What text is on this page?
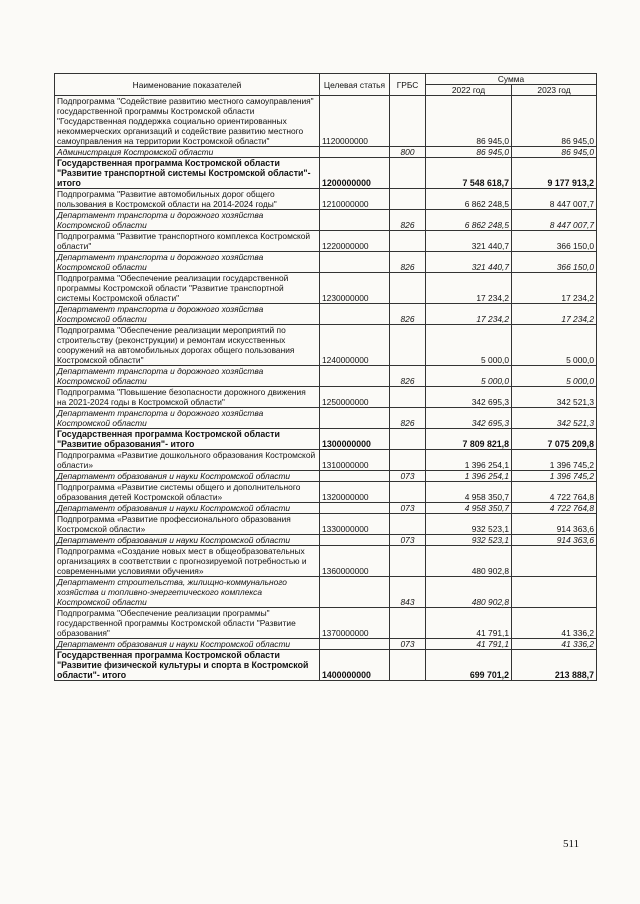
Наименование показателей	Целевая статья	ГРБС	Сумма	
			2022 год	2023 год
Подпрограмма "Содействие развитию местного самоуправления" государственной программы Костромской области "Государственная поддержка социально ориентированных некоммерческих организаций и содействие развитию местного самоуправления на территории Костромской области"	1120000000		86 945,0	86 945,0
Администрация Костромской области		800	86 945,0	86 945,0
Государственная программа Костромской области "Развитие транспортной системы Костромской области"- итого	1200000000		7 548 618,7	9 177 913,2
Подпрограмма "Развитие автомобильных дорог общего пользования в Костромской области на 2014-2024 годы"	1210000000		6 862 248,5	8 447 007,7
Департамент транспорта и дорожного хозяйства Костромской области		826	6 862 248,5	8 447 007,7
Подпрограмма "Развитие транспортного комплекса Костромской области"	1220000000		321 440,7	366 150,0
Департамент транспорта и дорожного хозяйства Костромской области		826	321 440,7	366 150,0
Подпрограмма "Обеспечение реализации государственной программы Костромской области "Развитие транспортной системы Костромской области"	1230000000		17 234,2	17 234,2
Департамент транспорта и дорожного хозяйства Костромской области		826	17 234,2	17 234,2
Подпрограмма "Обеспечение реализации мероприятий по строительству (реконструкции) и ремонтам искусственных сооружений на автомобильных дорогах общего пользования Костромской области"	1240000000		5 000,0	5 000,0
Департамент транспорта и дорожного хозяйства Костромской области		826	5 000,0	5 000,0
Подпрограмма "Повышение безопасности дорожного движения на 2021-2024 годы в Костромской области"	1250000000		342 695,3	342 521,3
Департамент транспорта и дорожного хозяйства Костромской области		826	342 695,3	342 521,3
Государственная программа Костромской области "Развитие образования"- итого	1300000000		7 809 821,8	7 075 209,8
Подпрограмма «Развитие дошкольного образования Костромской области»	1310000000		1 396 254,1	1 396 745,2
Департамент образования и науки Костромской области		073	1 396 254,1	1 396 745,2
Подпрограмма «Развитие системы общего и дополнительного образования детей Костромской области»	1320000000		4 958 350,7	4 722 764,8
Департамент образования и науки Костромской области		073	4 958 350,7	4 722 764,8
Подпрограмма «Развитие профессионального образования Костромской области»	1330000000		932 523,1	914 363,6
Департамент образования и науки Костромской области		073	932 523,1	914 363,6
Подпрограмма «Создание новых мест в общеобразовательных организациях в соответствии с прогнозируемой потребностью и современными условиями обучения»	1360000000		480 902,8	
Департамент строительства, жилищно-коммунального хозяйства и топливно-энергетического комплекса Костромской области		843	480 902,8	
Подпрограмма "Обеспечение реализации программы" государственной программы Костромской области "Развитие образования"	1370000000		41 791,1	41 336,2
Департамент образования и науки Костромской области		073	41 791,1	41 336,2
Государственная программа Костромской области "Развитие физической культуры и спорта в Костромской области"- итого	1400000000		699 701,2	213 888,7
511
